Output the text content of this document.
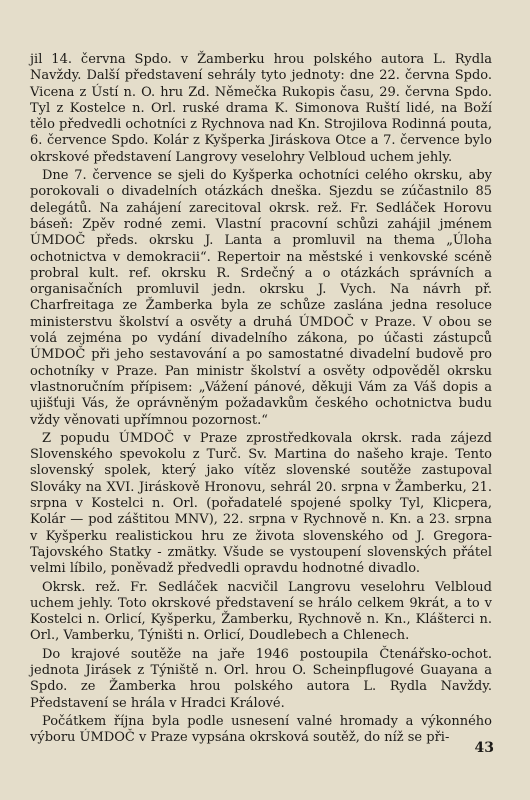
jil 14. června Spdo. v Žamberku hrou polského autora L. Rydla Navždy. Další představení sehrály tyto jednoty: dne 22. června Spdo. Vicena z Ústí n. O. hru Zd. Němečka Rukopis času, 29. června Spdo. Tyl z Kostelce n. Orl. ruské drama K. Simonova Ruští lidé, na Boží tělo předvedli ochotníci z Rychnova nad Kn. Strojilova Rodinná pouta, 6. července Spdo. Kolár z Kyšperka Jiráskova Otce a 7. července bylo okrskové představení Langrovy veselohry Velbloud uchem jehly.

Dne 7. července se sjeli do Kyšperka ochotníci celého okrsku, aby porokovali o divadelních otázkách dneška. Sjezdu se zúčastnilo 85 delegátů. Na zahájení zarecitoval okrsk. rež. Fr. Sedláček Horovu báseň: Zpěv rodné zemi. Vlastní pracovní schůzi zahájil jménem ÚMDOČ předs. okrsku J. Lanta a promluvil na thema „Úloha ochotnictva v demokracii“. Repertoir na městské i venkovské scéně probral kult. ref. okrsku R. Srdečný a o otázkách správních a organisačních promluvil jedn. okrsku J. Vych. Na návrh př. Charfreitaga ze Žamberka byla ze schůze zaslána jedna resoluce ministerstvu školství a osvěty a druhá ÚMDOČ v Praze. V obou se volá zejména po vydání divadelního zákona, po účasti zástupců ÚMDOČ při jeho sestavování a po samostatné divadelní budově pro ochotníky v Praze. Pan ministr školství a osvěty odpověděl okrsku vlastnoručním přípisem: „Vážení pánové, děkuji Vám za Váš dopis a ujišťuji Vás, že oprávněným požadavkům českého ochotnictva budu vždy věnovati upřímnou pozornost.“

Z popudu ÚMDOČ v Praze zprostředkovala okrsk. rada zájezd Slovenského spevokolu z Turč. Sv. Martina do našeho kraje. Tento slovenský spolek, který jako vítěz slovenské soutěže zastupoval Slováky na XVI. Jiráskově Hronovu, sehrál 20. srpna v Žamberku, 21. srpna v Kostelci n. Orl. (pořadatelé spojené spolky Tyl, Klicpera, Kolár — pod záštitou MNV), 22. srpna v Rychnově n. Kn. a 23. srpna v Kyšperku realistickou hru ze života slovenského od J. Gregora-Tajovského Statky - zmätky. Všude se vystoupení slovenských přátel velmi líbilo, poněvadž předvedli opravdu hodnotné divadlo.

Okrsk. rež. Fr. Sedláček nacvičil Langrovu veselohru Velbloud uchem jehly. Toto okrskové představení se hrálo celkem 9krát, a to v Kostelci n. Orlicí, Kyšperku, Žamberku, Rychnově n. Kn., Klášterci n. Orl., Vamberku, Týništi n. Orlicí, Doudlebech a Chlenech.

Do krajové soutěže na jaře 1946 postoupila Čtenářsko-ochot. jednota Jirásek z Týniště n. Orl. hrou O. Scheinpflugové Guayana a Spdo. ze Žamberka hrou polského autora L. Rydla Navždy. Představení se hrála v Hradci Králové.

Počátkem října byla podle usnesení valné hromady a výkonného výboru ÚMDOČ v Praze vypsána okrsková soutěž, do níž se při-

43
